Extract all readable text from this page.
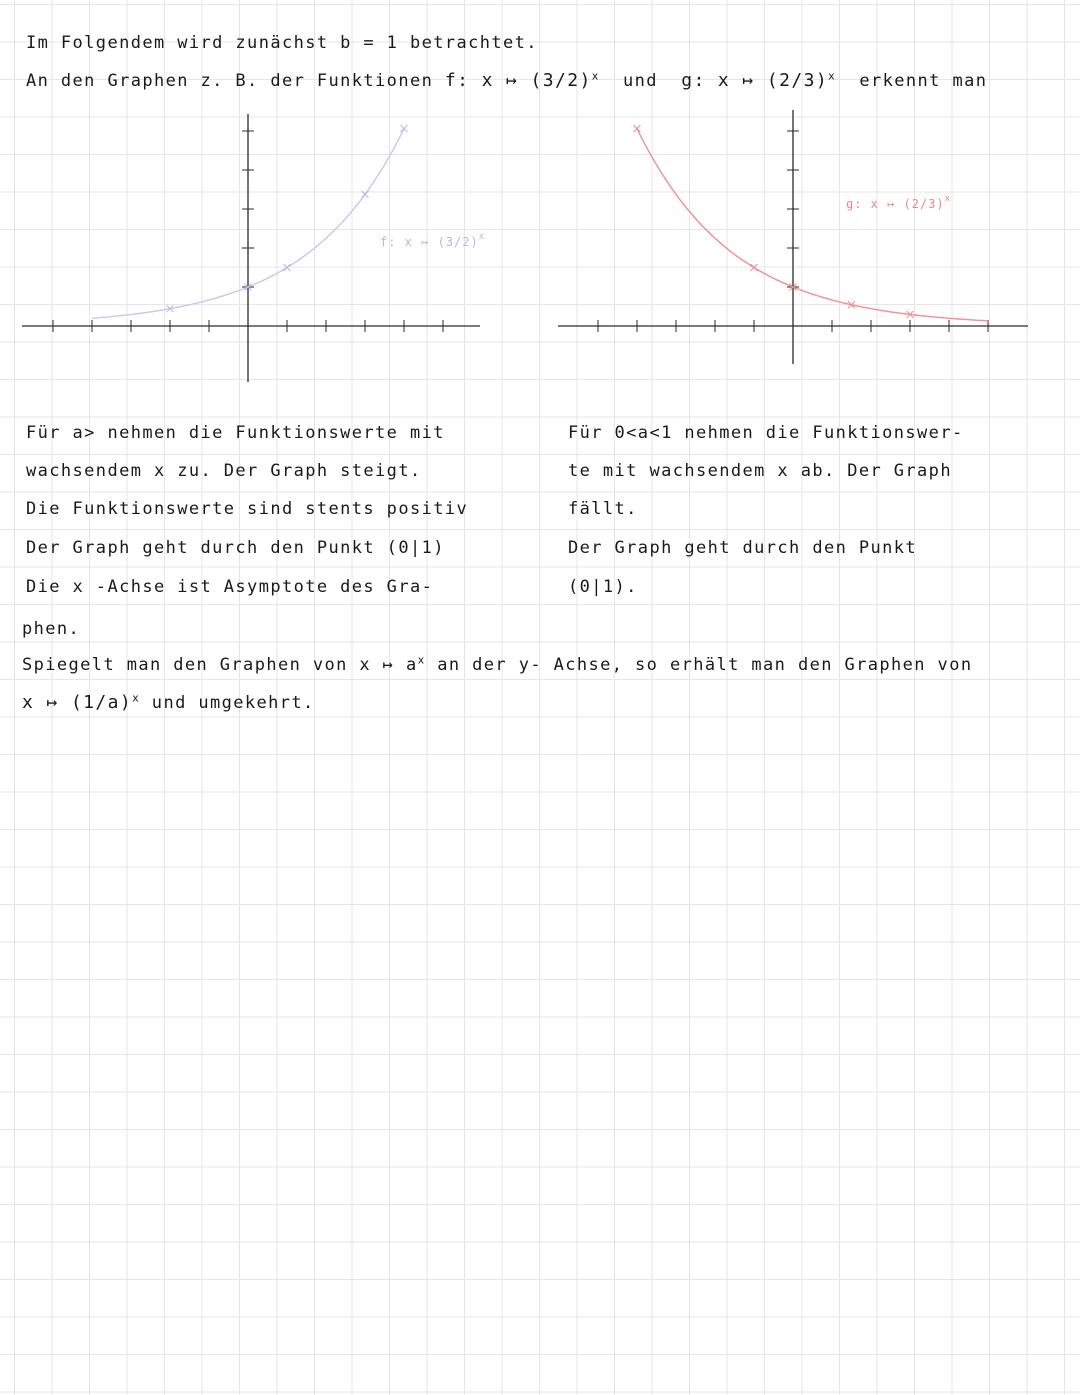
Im Folgendem wird zunächst b = 1 betrachtet.
An den Graphen z. B. der Funktionen f: x ↦ $(3/2)^x$ und g: x ↦ $(2/3)^x$ erkennt man
f: x ↦ $(3/2)^x$
g: x ↦ $(2/3)^x$
Für a> nehmen die Funktionswerte mit
wachsendem x zu. Der Graph steigt.
Die Funktionswerte sind stents positiv
Der Graph geht durch den Punkt (0|1)
Die x -Achse ist Asymptote des Gra-
Für 0<a<1 nehmen die Funktionswer-
te mit wachsendem x ab. Der Graph
fällt.
Der Graph geht durch den Punkt
(0|1).
phen.
Spiegelt man den Graphen von x ↦ $a^x$ an der y- Achse, so erhält man den Graphen von
x ↦ $(1/a)^x$ und umgekehrt.
